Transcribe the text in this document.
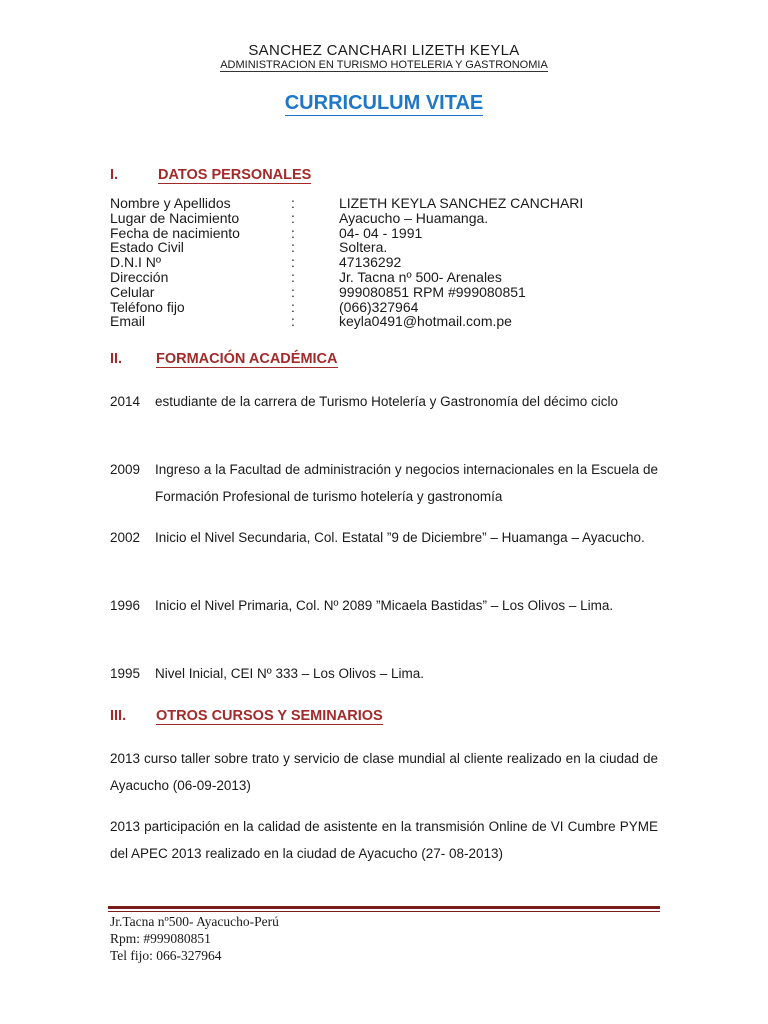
SANCHEZ CANCHARI LIZETH KEYLA
ADMINISTRACION EN TURISMO HOTELERIA Y GASTRONOMIA
CURRICULUM VITAE
I.	DATOS PERSONALES
Nombre y Apellidos	:	LIZETH KEYLA SANCHEZ CANCHARI
Lugar de Nacimiento	:	Ayacucho – Huamanga.
Fecha de nacimiento	:	04- 04 - 1991
Estado Civil	:	Soltera.
D.N.I Nº	:	47136292
Dirección	:	Jr. Tacna nº 500- Arenales
Celular	:	999080851 RPM #999080851
Teléfono fijo	:	(066)327964
Email	:	keyla0491@hotmail.com.pe
II. FORMACIÓN ACADÉMICA
2014 estudiante de la carrera de Turismo Hotelería y Gastronomía del décimo ciclo
2009 Ingreso a la Facultad de administración y negocios internacionales en la Escuela de Formación Profesional de turismo hotelería y gastronomía
2002 Inicio el Nivel Secundaria, Col. Estatal ”9 de Diciembre” – Huamanga – Ayacucho.
1996 Inicio el Nivel Primaria, Col. Nº 2089 ”Micaela Bastidas” – Los Olivos – Lima.
1995 Nivel Inicial, CEI Nº 333 – Los Olivos – Lima.
III. OTROS CURSOS Y SEMINARIOS
2013 curso taller sobre trato y servicio de clase mundial al cliente realizado en la ciudad de Ayacucho (06-09-2013)
2013 participación en la calidad de asistente en la transmisión Online de VI Cumbre PYME del APEC 2013 realizado en la ciudad de Ayacucho (27- 08-2013)
Jr.Tacna nº500- Ayacucho-Perú
Rpm: #999080851
Tel fijo: 066-327964
